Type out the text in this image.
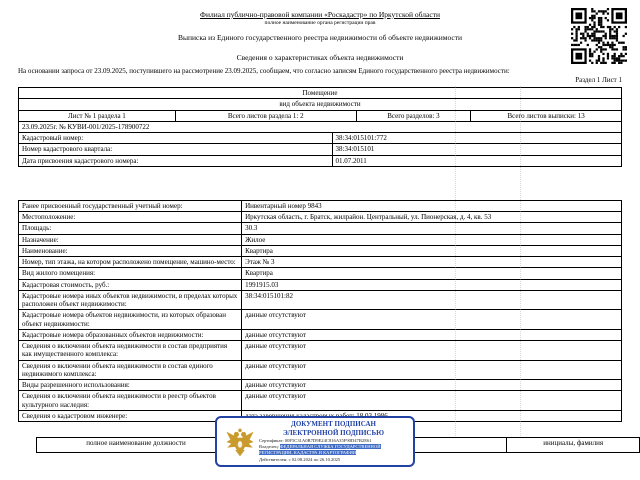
Филиал публично-правовой компании «Роскадастр» по Иркутской области
полное наименование органа регистрации прав
Выписка из Единого государственного реестра недвижимости об объекте недвижимости
Сведения о характеристиках объекта недвижимости
На основании запроса от 23.09.2025, поступившего на рассмотрение 23.09.2025, сообщаем, что согласно записям Единого государственного реестра недвижимости:
Раздел 1 Лист 1
Помещение
вид объекта недвижимости
Лист № 1 раздела 1	Всего листов раздела 1: 2	Всего разделов: 3	Всего листов выписки: 13
23.09.2025г. № КУВИ-001/2025-178900722
Кадастровый номер:	38:34:015101:772
Номер кадастрового квартала:	38:34:015101
Дата присвоения кадастрового номера:	01.07.2011
Ранее присвоенный государственный учетный номер:	Инвентарный номер 9843
Местоположение:	Иркутская область, г. Братск, жилрайон. Центральный, ул. Пионерская, д. 4, кв. 53
Площадь:	30.3
Назначение:	Жилое
Наименование:	Квартира
Номер, тип этажа, на котором расположено помещение, машино-место:	Этаж № 3
Вид жилого помещения:	Квартира
Кадастровая стоимость, руб.:	1991915.03
Кадастровые номера иных объектов недвижимости, в пределах которых расположен объект недвижимости:	38:34:015101:82
Кадастровые номера объектов недвижимости, из которых образован объект недвижимости:	данные отсутствуют
Кадастровые номера образованных объектов недвижимости:	данные отсутствуют
Сведения о включении объекта недвижимости в состав предприятия как имущественного комплекса:	данные отсутствуют
Сведения о включении объекта недвижимости в состав единого недвижимого комплекса:	данные отсутствуют
Виды разрешенного использования:	данные отсутствуют
Сведения о включении объекта недвижимости в реестр объектов культурного наследия:	данные отсутствуют
Сведения о кадастровом инженере:	
полное наименование должности		инициалы, фамилия
ДОКУМЕНТ ПОДПИСАН
ЭЛЕКТРОННОЙ ПОДПИСЬЮ
Сертификат: 00F5C31A0B7D9E24C816A35F90D47B2E61
Владелец: ФЕДЕРАЛЬНАЯ СЛУЖБА ГОСУДАРСТВЕННОЙ РЕГИСТРАЦИИ, КАДАСТРА И КАРТОГРАФИИ
Действителен: с 02.08.2024 по 26.10.2025
